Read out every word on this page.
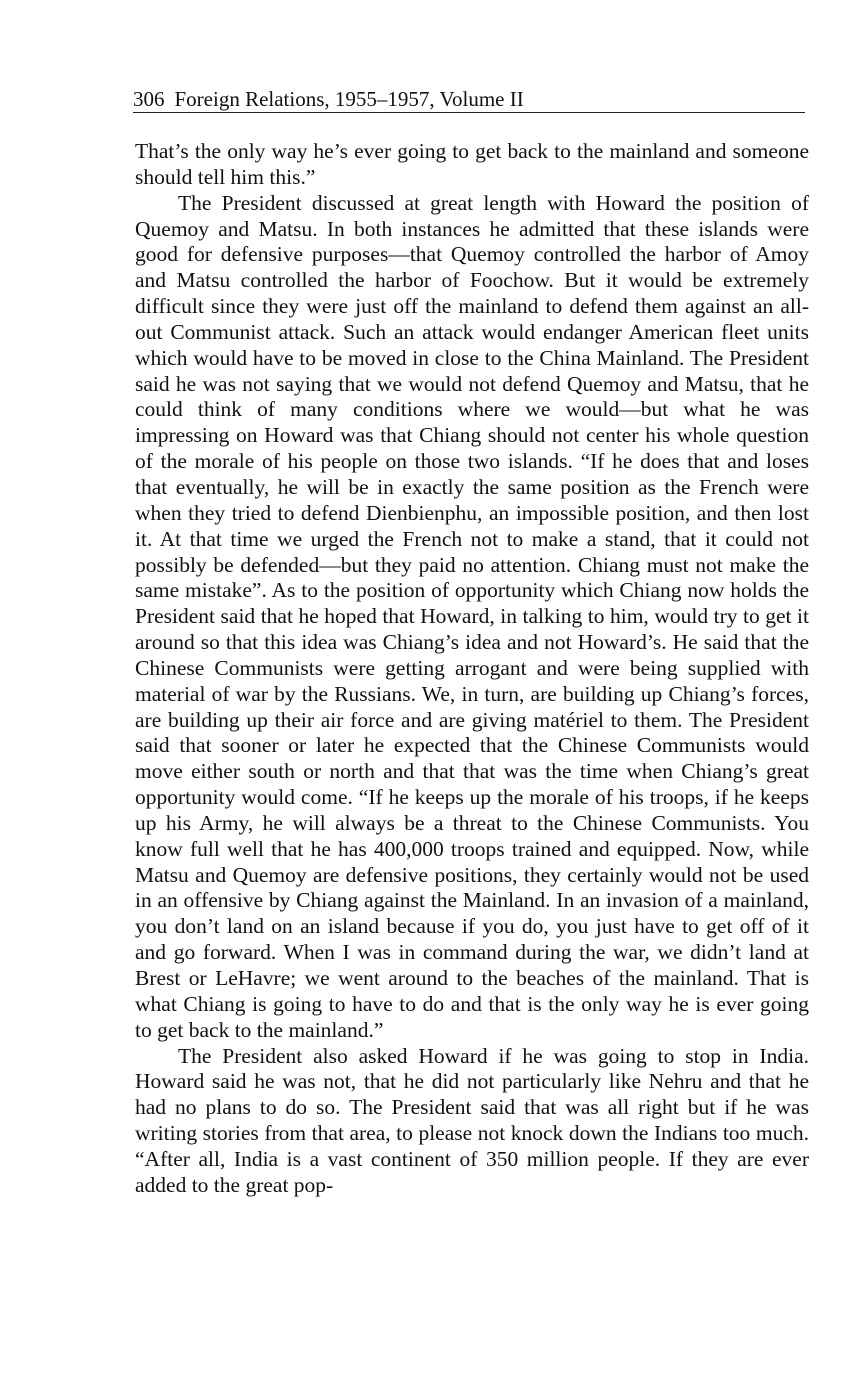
306 Foreign Relations, 1955–1957, Volume II

That’s the only way he’s ever going to get back to the mainland and someone should tell him this.”

The President discussed at great length with Howard the position of Quemoy and Matsu. In both instances he admitted that these islands were good for defensive purposes—that Quemoy controlled the harbor of Amoy and Matsu controlled the harbor of Foochow. But it would be extremely difficult since they were just off the mainland to defend them against an all-out Communist attack. Such an attack would endanger American fleet units which would have to be moved in close to the China Mainland. The President said he was not saying that we would not defend Quemoy and Matsu, that he could think of many conditions where we would—but what he was impressing on Howard was that Chiang should not center his whole question of the morale of his people on those two islands. “If he does that and loses that eventually, he will be in exactly the same position as the French were when they tried to defend Dienbienphu, an impossible position, and then lost it. At that time we urged the French not to make a stand, that it could not possibly be defended—but they paid no attention. Chiang must not make the same mistake”. As to the position of opportunity which Chiang now holds the President said that he hoped that Howard, in talking to him, would try to get it around so that this idea was Chiang’s idea and not Howard’s. He said that the Chinese Communists were getting arrogant and were being supplied with material of war by the Russians. We, in turn, are building up Chiang’s forces, are building up their air force and are giving matériel to them. The President said that sooner or later he expected that the Chinese Communists would move either south or north and that that was the time when Chiang’s great opportunity would come. “If he keeps up the morale of his troops, if he keeps up his Army, he will always be a threat to the Chinese Communists. You know full well that he has 400,000 troops trained and equipped. Now, while Matsu and Quemoy are defensive positions, they certainly would not be used in an offensive by Chiang against the Mainland. In an invasion of a mainland, you don’t land on an island because if you do, you just have to get off of it and go forward. When I was in command during the war, we didn’t land at Brest or LeHavre; we went around to the beaches of the mainland. That is what Chiang is going to have to do and that is the only way he is ever going to get back to the mainland.”

The President also asked Howard if he was going to stop in India. Howard said he was not, that he did not particularly like Nehru and that he had no plans to do so. The President said that was all right but if he was writing stories from that area, to please not knock down the Indians too much. “After all, India is a vast continent of 350 million people. If they are ever added to the great pop-
